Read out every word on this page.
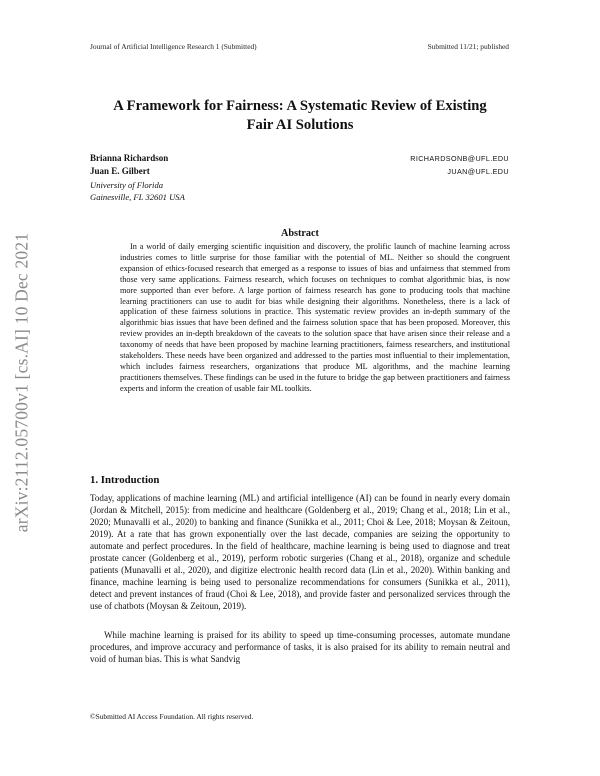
Journal of Artificial Intelligence Research 1 (Submitted)	Submitted 11/21; published
arXiv:2112.05700v1 [cs.AI] 10 Dec 2021
A Framework for Fairness: A Systematic Review of Existing
Fair AI Solutions
Brianna Richardson	RICHARDSONB@UFL.EDU
Juan E. Gilbert	JUAN@UFL.EDU
University of Florida
Gainesville, FL 32601 USA
Abstract

In a world of daily emerging scientific inquisition and discovery, the prolific launch of machine learning across industries comes to little surprise for those familiar with the potential of ML. Neither so should the congruent expansion of ethics-focused research that emerged as a response to issues of bias and unfairness that stemmed from those very same applications. Fairness research, which focuses on techniques to combat algorithmic bias, is now more supported than ever before. A large portion of fairness research has gone to producing tools that machine learning practitioners can use to audit for bias while designing their algorithms. Nonetheless, there is a lack of application of these fairness solutions in practice. This systematic review provides an in-depth summary of the algorithmic bias issues that have been defined and the fairness solution space that has been proposed. Moreover, this review provides an in-depth breakdown of the caveats to the solution space that have arisen since their release and a taxonomy of needs that have been proposed by machine learning practitioners, fairness researchers, and institutional stakeholders. These needs have been organized and addressed to the parties most influential to their implementation, which includes fairness researchers, organizations that produce ML algorithms, and the machine learning practitioners themselves. These findings can be used in the future to bridge the gap between practitioners and fairness experts and inform the creation of usable fair ML toolkits.

1. Introduction

Today, applications of machine learning (ML) and artificial intelligence (AI) can be found in nearly every domain (Jordan & Mitchell, 2015): from medicine and healthcare (Goldenberg et al., 2019; Chang et al., 2018; Lin et al., 2020; Munavalli et al., 2020) to banking and finance (Sunikka et al., 2011; Choi & Lee, 2018; Moysan & Zeitoun, 2019). At a rate that has grown exponentially over the last decade, companies are seizing the opportunity to automate and perfect procedures. In the field of healthcare, machine learning is being used to diagnose and treat prostate cancer (Goldenberg et al., 2019), perform robotic surgeries (Chang et al., 2018), organize and schedule patients (Munavalli et al., 2020), and digitize electronic health record data (Lin et al., 2020). Within banking and finance, machine learning is being used to personalize recommendations for consumers (Sunikka et al., 2011), detect and prevent instances of fraud (Choi & Lee, 2018), and provide faster and personalized services through the use of chatbots (Moysan & Zeitoun, 2019).

While machine learning is praised for its ability to speed up time-consuming processes, automate mundane procedures, and improve accuracy and performance of tasks, it is also praised for its ability to remain neutral and void of human bias. This is what Sandvig

©Submitted AI Access Foundation. All rights reserved.
